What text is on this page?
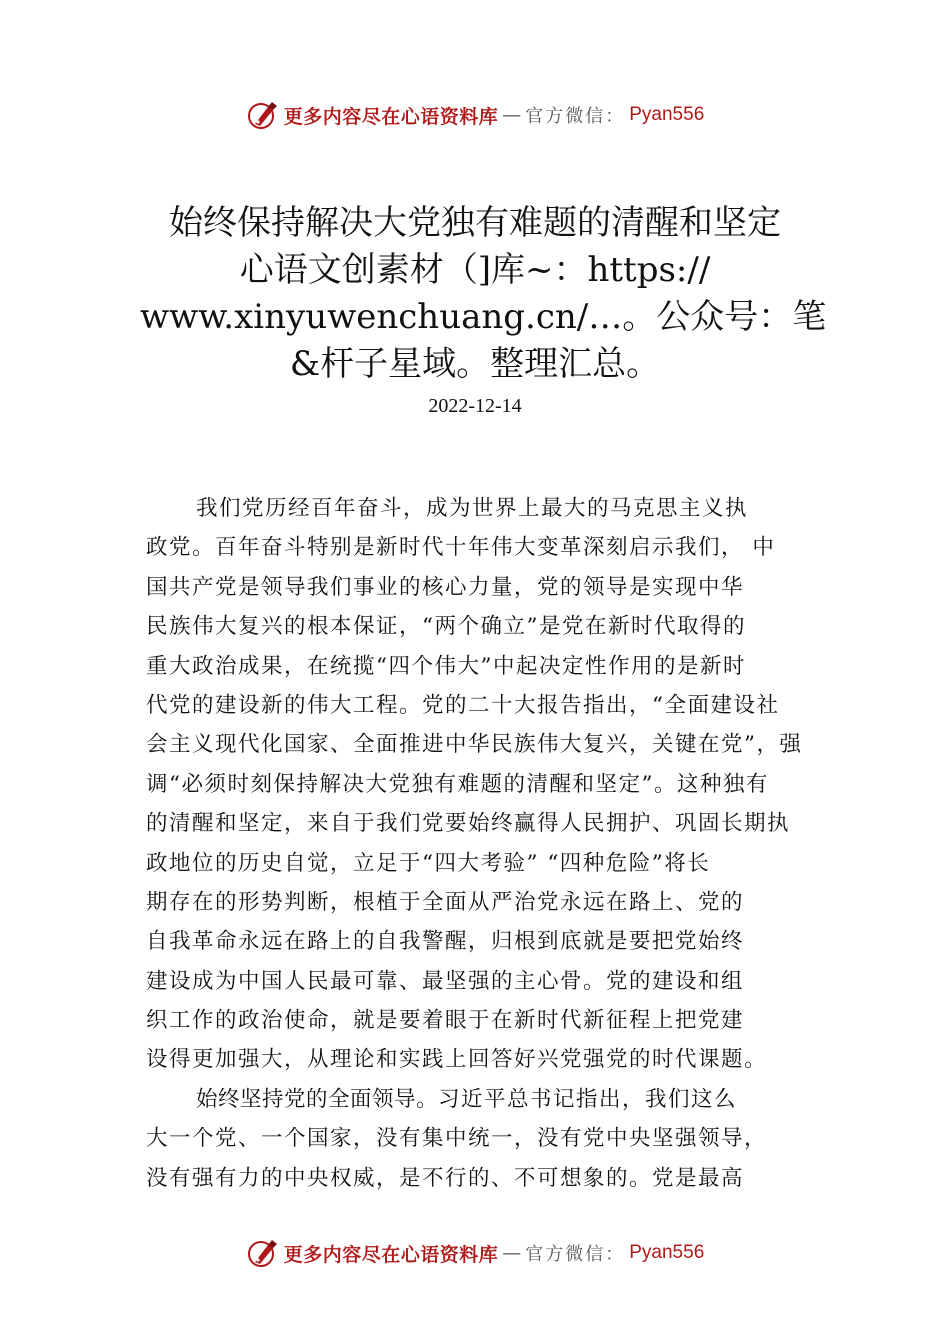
更多内容尽在心语资料库 — 官方微信： Pyan556
始终保持解决大党独有难题的清醒和坚定
心语文创素材（]库~：https://
www.xinyuwenchuang.cn/…。公众号：笔
&杆子星域。整理汇总。
2022-12-14
我们党历经百年奋斗，成为世界上最大的马克思主义执
政党。百年奋斗特别是新时代十年伟大变革深刻启示我们， 中
国共产党是领导我们事业的核心力量，党的领导是实现中华
民族伟大复兴的根本保证，“两个确立”是党在新时代取得的
重大政治成果，在统揽“四个伟大”中起决定性作用的是新时
代党的建设新的伟大工程。党的二十大报告指出，“全面建设社
会主义现代化国家、全面推进中华民族伟大复兴，关键在党”，强
调“必须时刻保持解决大党独有难题的清醒和坚定”。这种独有
的清醒和坚定，来自于我们党要始终赢得人民拥护、巩固长期执
政地位的历史自觉，立足于“四大考验” “四种危险”将长
期存在的形势判断，根植于全面从严治党永远在路上、党的
自我革命永远在路上的自我警醒，归根到底就是要把党始终
建设成为中国人民最可靠、最坚强的主心骨。党的建设和组
织工作的政治使命，就是要着眼于在新时代新征程上把党建
设得更加强大，从理论和实践上回答好兴党强党的时代课题。
始终坚持党的全面领导。习近平总书记指出，我们这么
大一个党、一个国家，没有集中统一，没有党中央坚强领导，
没有强有力的中央权威，是不行的、不可想象的。党是最高
更多内容尽在心语资料库 — 官方微信： Pyan556
